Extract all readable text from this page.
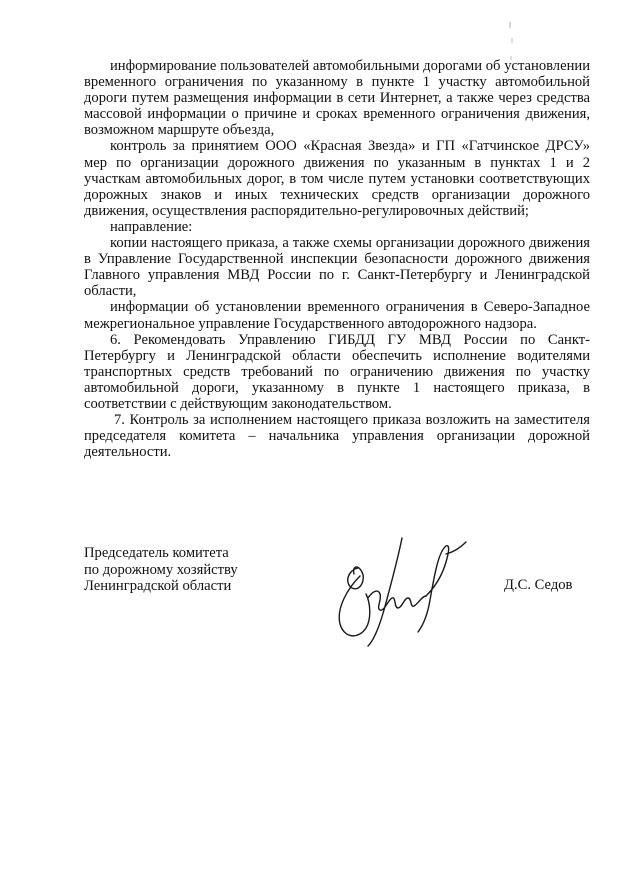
информирование пользователей автомобильными дорогами об установлении временного ограничения по указанному в пункте 1 участку автомобильной дороги путем размещения информации в сети Интернет, а также через средства массовой информации о причине и сроках временного ограничения движения, возможном маршруте объезда,

контроль за принятием ООО «Красная Звезда» и ГП «Гатчинское ДРСУ» мер по организации дорожного движения по указанным в пунктах 1 и 2 участкам автомобильных дорог, в том числе путем установки соответствующих дорожных знаков и иных технических средств организации дорожного движения, осуществления распорядительно-регулировочных действий;

направление:

копии настоящего приказа, а также схемы организации дорожного движения в Управление Государственной инспекции безопасности дорожного движения Главного управления МВД России по г. Санкт-Петербургу и Ленинградской области,

информации об установлении временного ограничения в Северо-Западное межрегиональное управление Государственного автодорожного надзора.

6. Рекомендовать Управлению ГИБДД ГУ МВД России по Санкт-Петербургу и Ленинградской области обеспечить исполнение водителями транспортных средств требований по ограничению движения по участку автомобильной дороги, указанному в пункте 1 настоящего приказа, в соответствии с действующим законодательством.

7. Контроль за исполнением настоящего приказа возложить на заместителя председателя комитета – начальника управления организации дорожной деятельности.

Председатель комитета
по дорожному хозяйству
Ленинградской области	Д.С. Седов
